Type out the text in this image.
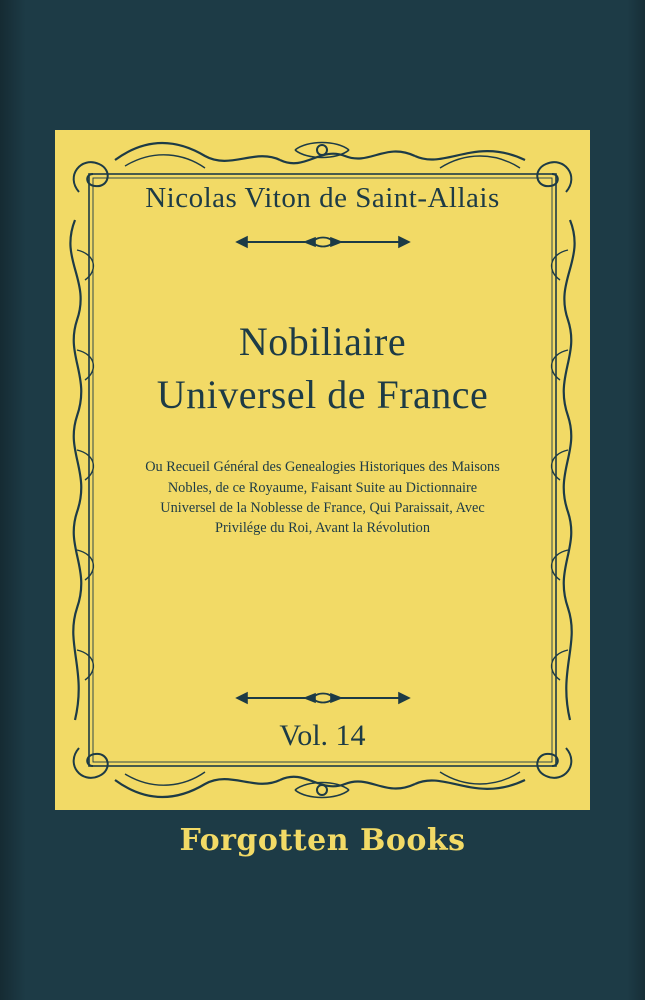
Nicolas Viton de Saint-Allais
Nobiliaire
Universel de France
Ou Recueil Général des Genealogies Historiques des Maisons Nobles, de ce Royaume, Faisant Suite au Dictionnaire Universel de la Noblesse de France, Qui Paraissait, Avec Privilége du Roi, Avant la Révolution
Vol. 14
Forgotten Books
